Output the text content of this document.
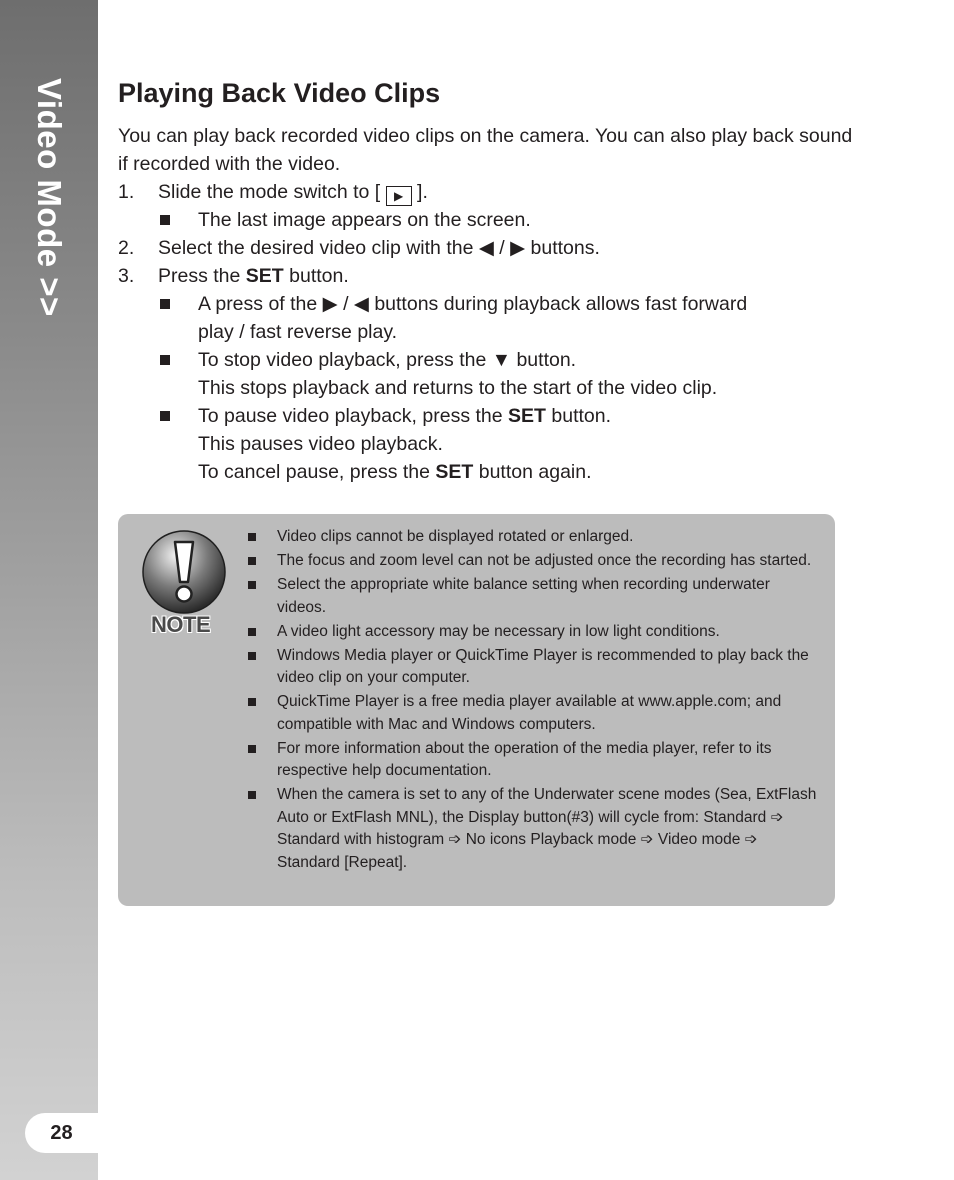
Video Mode >>
28
Playing Back Video Clips

You can play back recorded video clips on the camera. You can also play back sound if recorded with the video.

1. Slide the mode switch to [ ▶ ].
The last image appears on the screen.
2. Select the desired video clip with the ◀ / ▶ buttons.
3. Press the SET button.
A press of the ▶ / ◀ buttons during playback allows fast forward
play / fast reverse play.
To stop video playback, press the ▼ button.
This stops playback and returns to the start of the video clip.
To pause video playback, press the SET button.
This pauses video playback.
To cancel pause, press the SET button again.
NOTE
Video clips cannot be displayed rotated or enlarged.
The focus and zoom level can not be adjusted once the recording has started.
Select the appropriate white balance setting when recording underwater videos.
A video light accessory may be necessary in low light conditions.
Windows Media player or QuickTime Player is recommended to play back the video clip on your computer.
QuickTime Player is a free media player available at www.apple.com; and compatible with Mac and Windows computers.
For more information about the operation of the media player, refer to its respective help documentation.
When the camera is set to any of the Underwater scene modes (Sea, ExtFlash Auto or ExtFlash MNL), the Display button(#3) will cycle from: Standard ➩ Standard with histogram ➩ No icons Playback mode ➩ Video mode ➩ Standard [Repeat].
